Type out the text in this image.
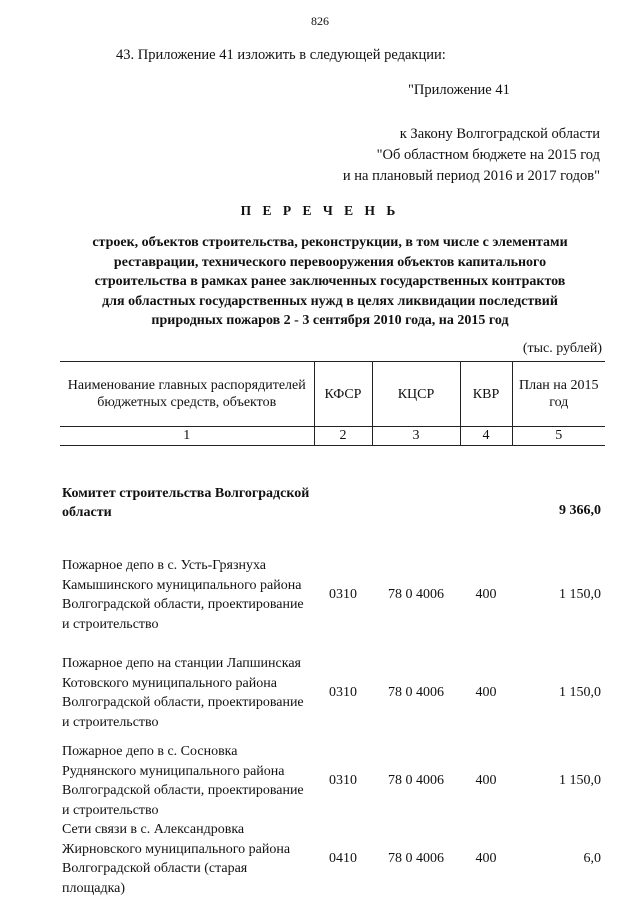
826
43. Приложение 41 изложить в следующей редакции:
"Приложение 41
к Закону Волгоградской области
"Об областном бюджете на 2015 год
и на плановый период 2016 и 2017 годов"
П Е Р Е Ч Е Н Ь
строек, объектов строительства, реконструкции, в том числе с элементами
реставрации, технического перевооружения объектов капитального
строительства в рамках ранее заключенных государственных контрактов
для областных государственных нужд в целях ликвидации последствий
природных пожаров 2 - 3 сентября 2010 года, на 2015 год
(тыс. рублей)
Наименование главных распорядителей бюджетных средств, объектов	КФСР	КЦСР	КВР	План на 2015 год
1	2	3	4	5
Комитет строительства Волгоградской области				9 366,0
Пожарное депо в с. Усть-Грязнуха Камышинского муниципального района Волгоградской области, проектирование и строительство	0310	78 0 4006	400	1 150,0
Пожарное депо на станции Лапшинская Котовского муниципального района Волгоградской области, проектирование и строительство	0310	78 0 4006	400	1 150,0
Пожарное депо в с. Сосновка Руднянского муниципального района Волгоградской области, проектирование и строительство	0310	78 0 4006	400	1 150,0
Сети связи в с. Александровка Жирновского муниципального района Волгоградской области (старая площадка)	0410	78 0 4006	400	6,0
